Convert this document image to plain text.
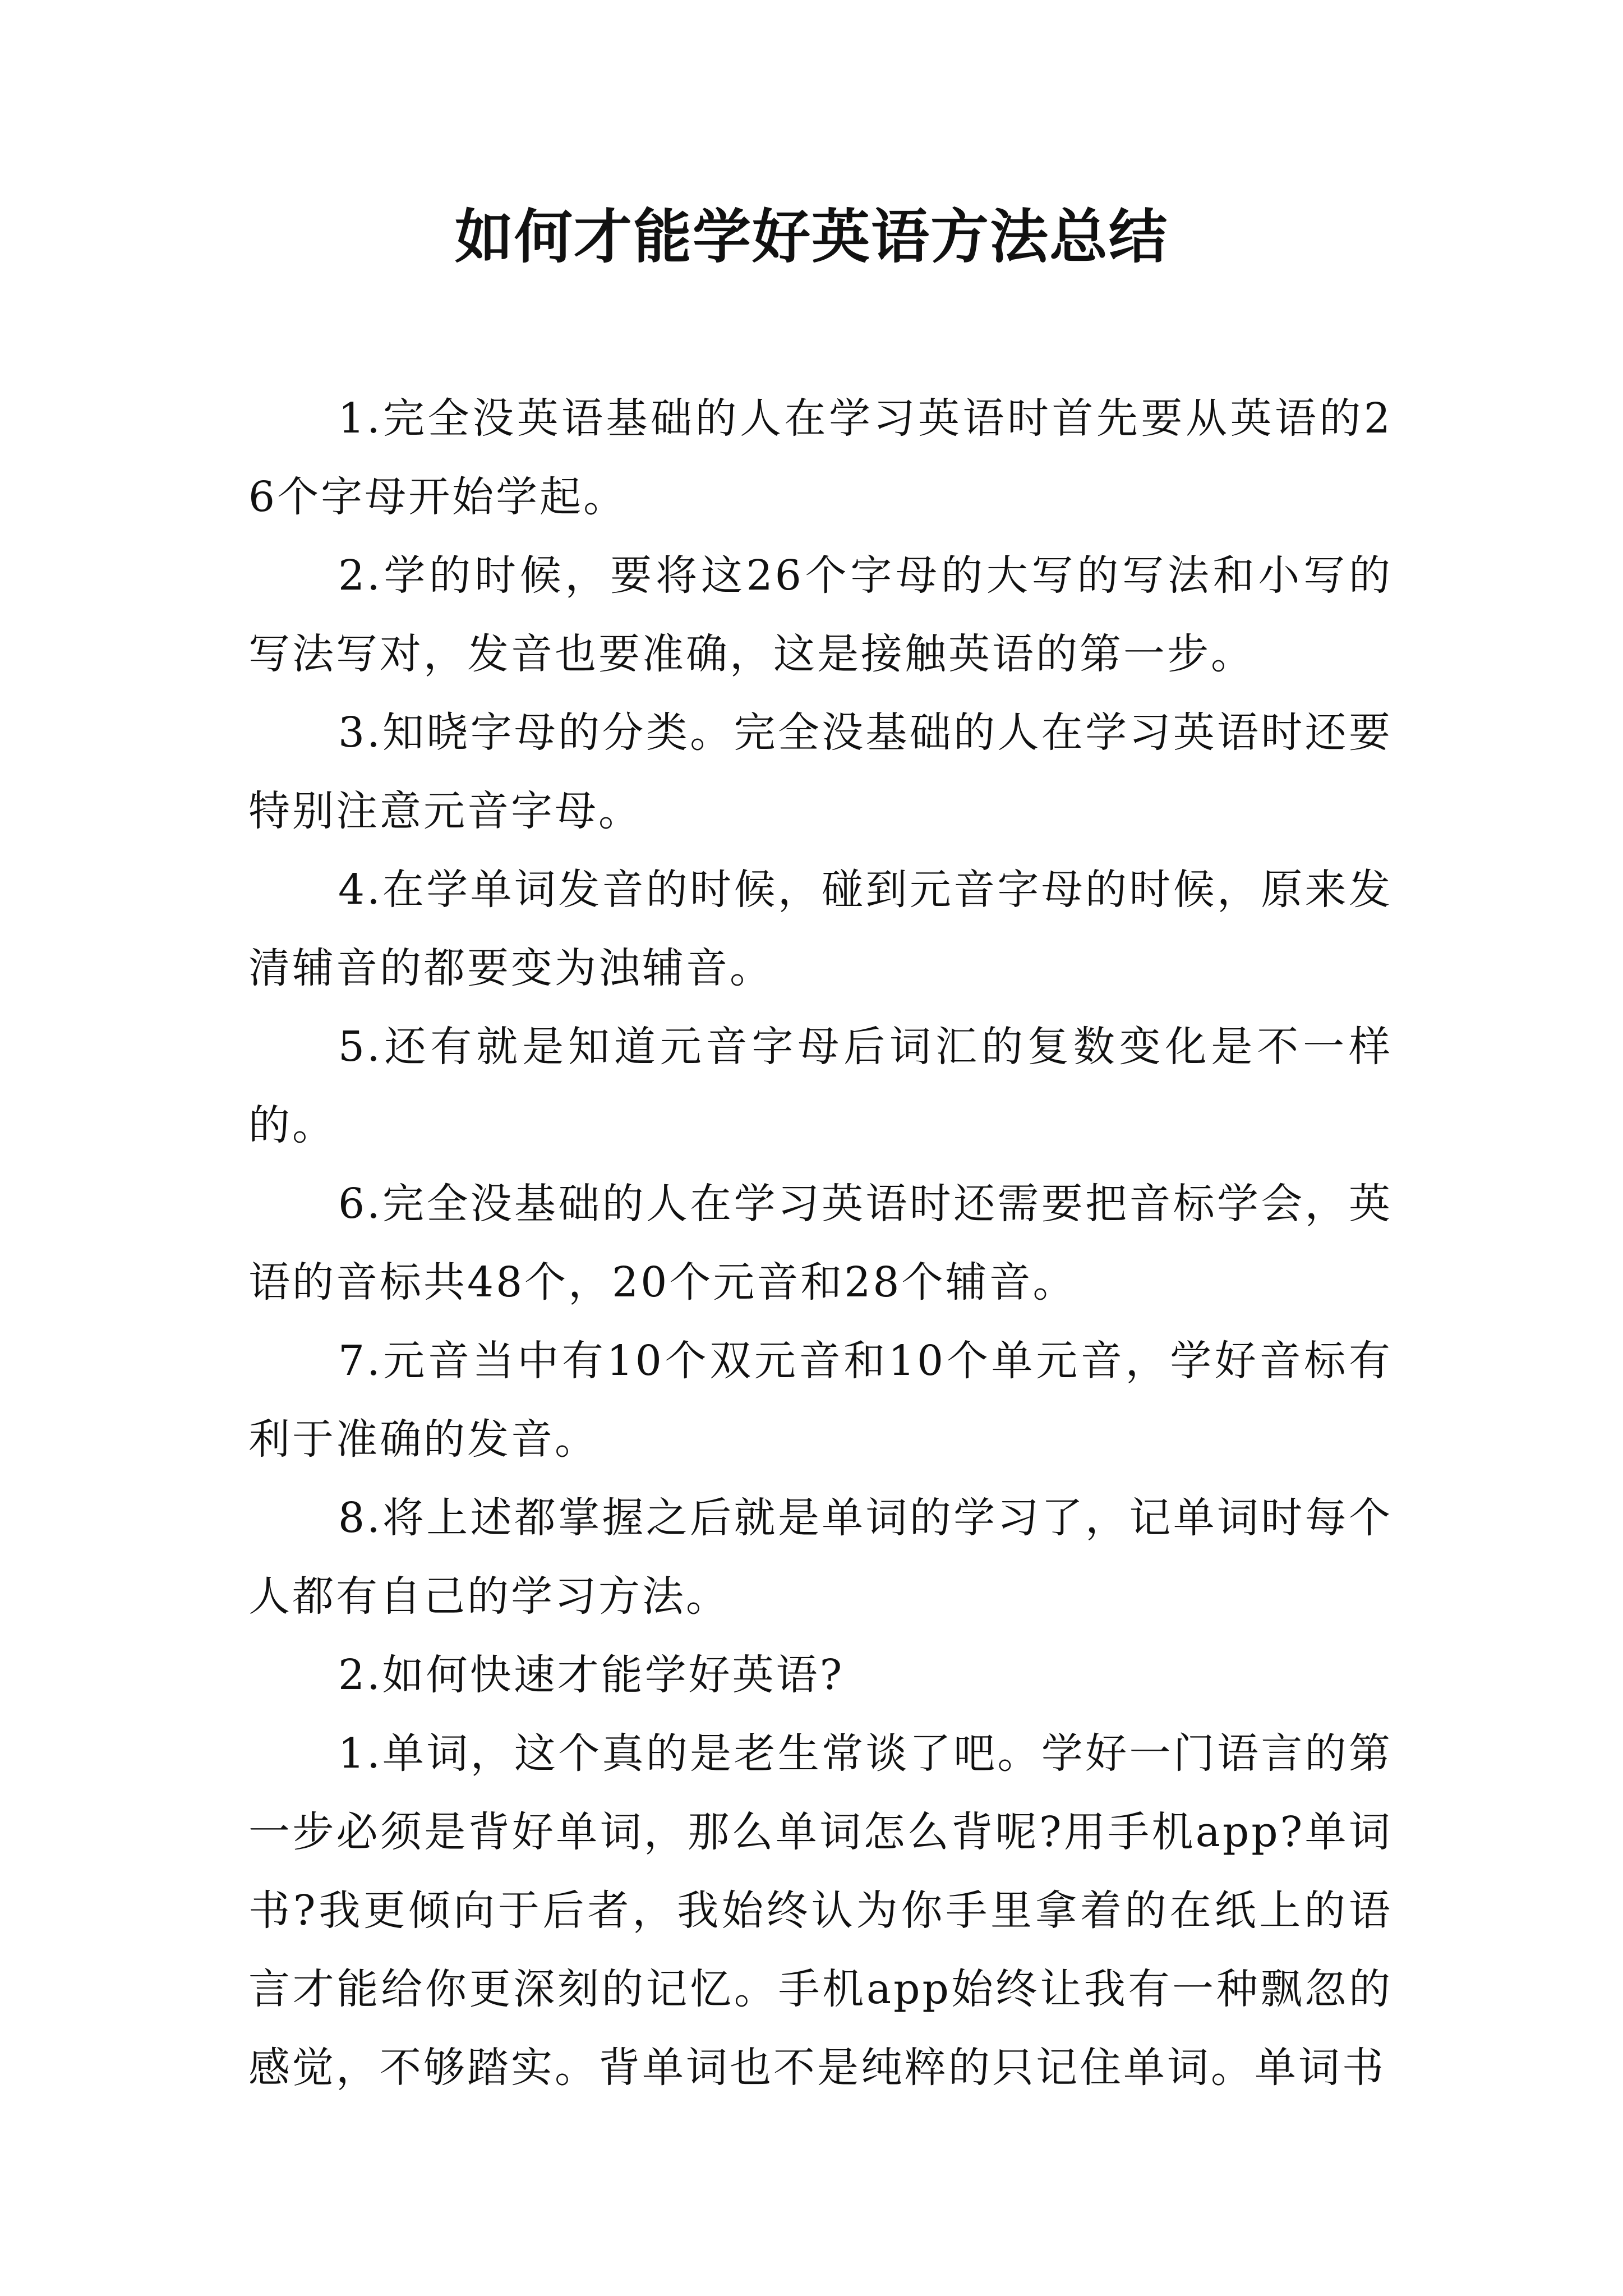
如何才能学好英语方法总结

1.完全没英语基础的人在学习英语时首先要从英语的26个字母开始学起。

2.学的时候，要将这26个字母的大写的写法和小写的写法写对，发音也要准确，这是接触英语的第一步。

3.知晓字母的分类。完全没基础的人在学习英语时还要特别注意元音字母。

4.在学单词发音的时候，碰到元音字母的时候，原来发清辅音的都要变为浊辅音。

5.还有就是知道元音字母后词汇的复数变化是不一样的。

6.完全没基础的人在学习英语时还需要把音标学会，英语的音标共48个，20个元音和28个辅音。

7.元音当中有10个双元音和10个单元音，学好音标有利于准确的发音。

8.将上述都掌握之后就是单词的学习了，记单词时每个人都有自己的学习方法。

2.如何快速才能学好英语?

1.单词，这个真的是老生常谈了吧。学好一门语言的第一步必须是背好单词，那么单词怎么背呢?用手机app?单词书?我更倾向于后者，我始终认为你手里拿着的在纸上的语言才能给你更深刻的记忆。手机app始终让我有一种飘忽的感觉，不够踏实。背单词也不是纯粹的只记住单词。单词书
